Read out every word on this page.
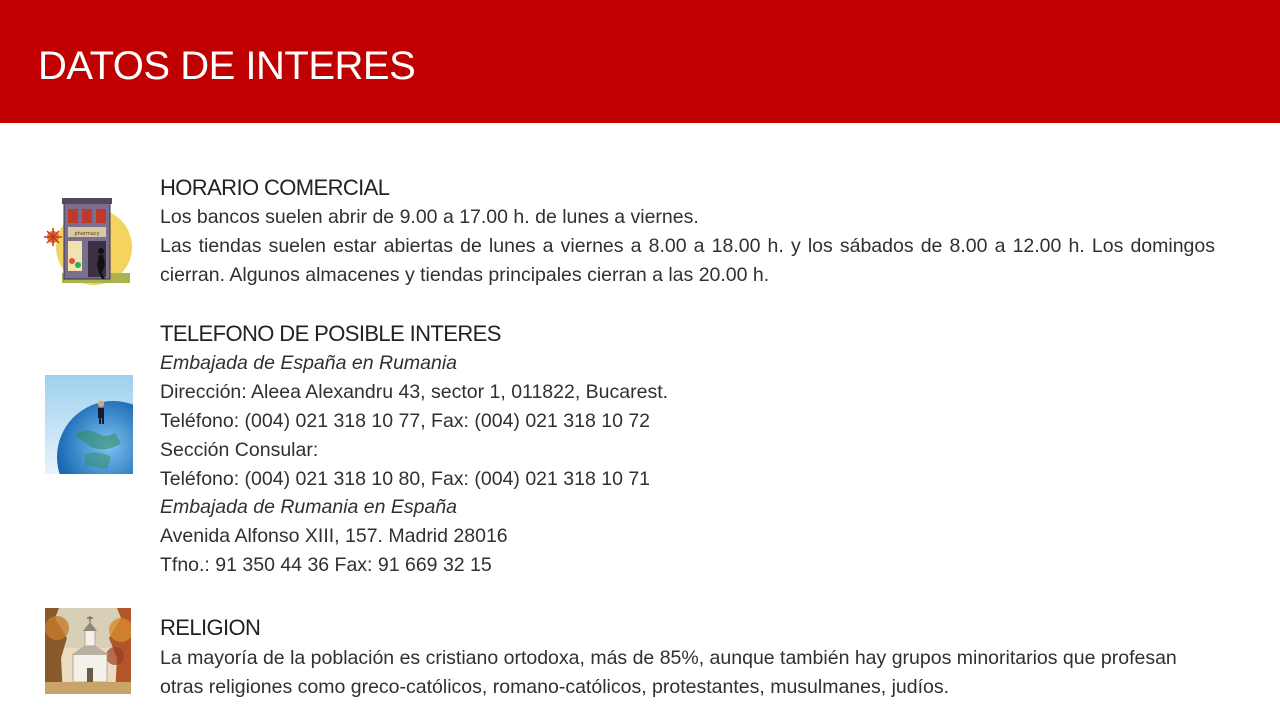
DATOS DE INTERES
pharmacy
HORARIO COMERCIAL

Los bancos suelen abrir de 9.00 a 17.00 h. de lunes a viernes.

Las tiendas suelen estar abiertas de lunes a viernes a 8.00 a 18.00 h. y los sábados de 8.00 a 12.00 h. Los domingos cierran. Algunos almacenes y tiendas principales cierran a las 20.00 h.

TELEFONO DE POSIBLE INTERES

Embajada de España en Rumania

Dirección: Aleea Alexandru 43, sector 1, 011822, Bucarest.

Teléfono: (004) 021 318 10 77, Fax: (004) 021 318 10 72

Sección Consular:

Teléfono: (004) 021 318 10 80, Fax: (004) 021 318 10 71

Embajada de Rumania en España

Avenida Alfonso XIII, 157. Madrid 28016

Tfno.: 91 350 44 36 Fax: 91 669 32 15

RELIGION

La mayoría de la población es cristiano ortodoxa, más de 85%, aunque también hay grupos minoritarios que profesan otras religiones como greco-católicos, romano-católicos, protestantes, musulmanes, judíos.
